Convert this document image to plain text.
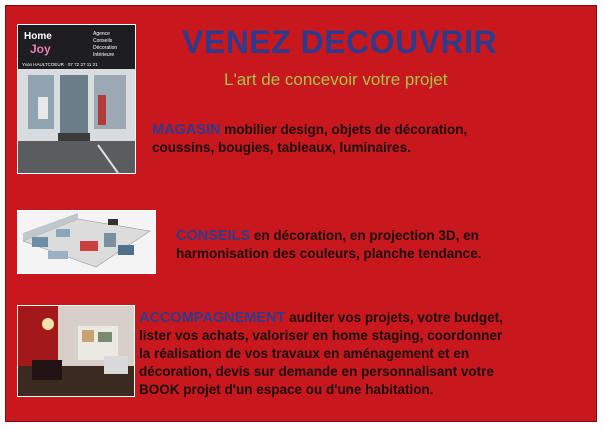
Home
Joy
Agence
Conseils
Décoration
Intérieure
Yvon HAULTCOEUR · 07 72 27 11 21
VENEZ DECOUVRIR
L'art de concevoir votre projet
MAGASIN mobilier design, objets de décoration,
coussins, bougies, tableaux, luminaires.
CONSEILS en décoration, en projection 3D, en
harmonisation des couleurs, planche tendance.
ACCOMPAGNEMENT auditer vos projets, votre budget,
lister vos achats, valoriser en home staging, coordonner
la réalisation de vos travaux en aménagement et en
décoration, devis sur demande en personnalisant votre
BOOK projet d'un espace ou d'une habitation.
